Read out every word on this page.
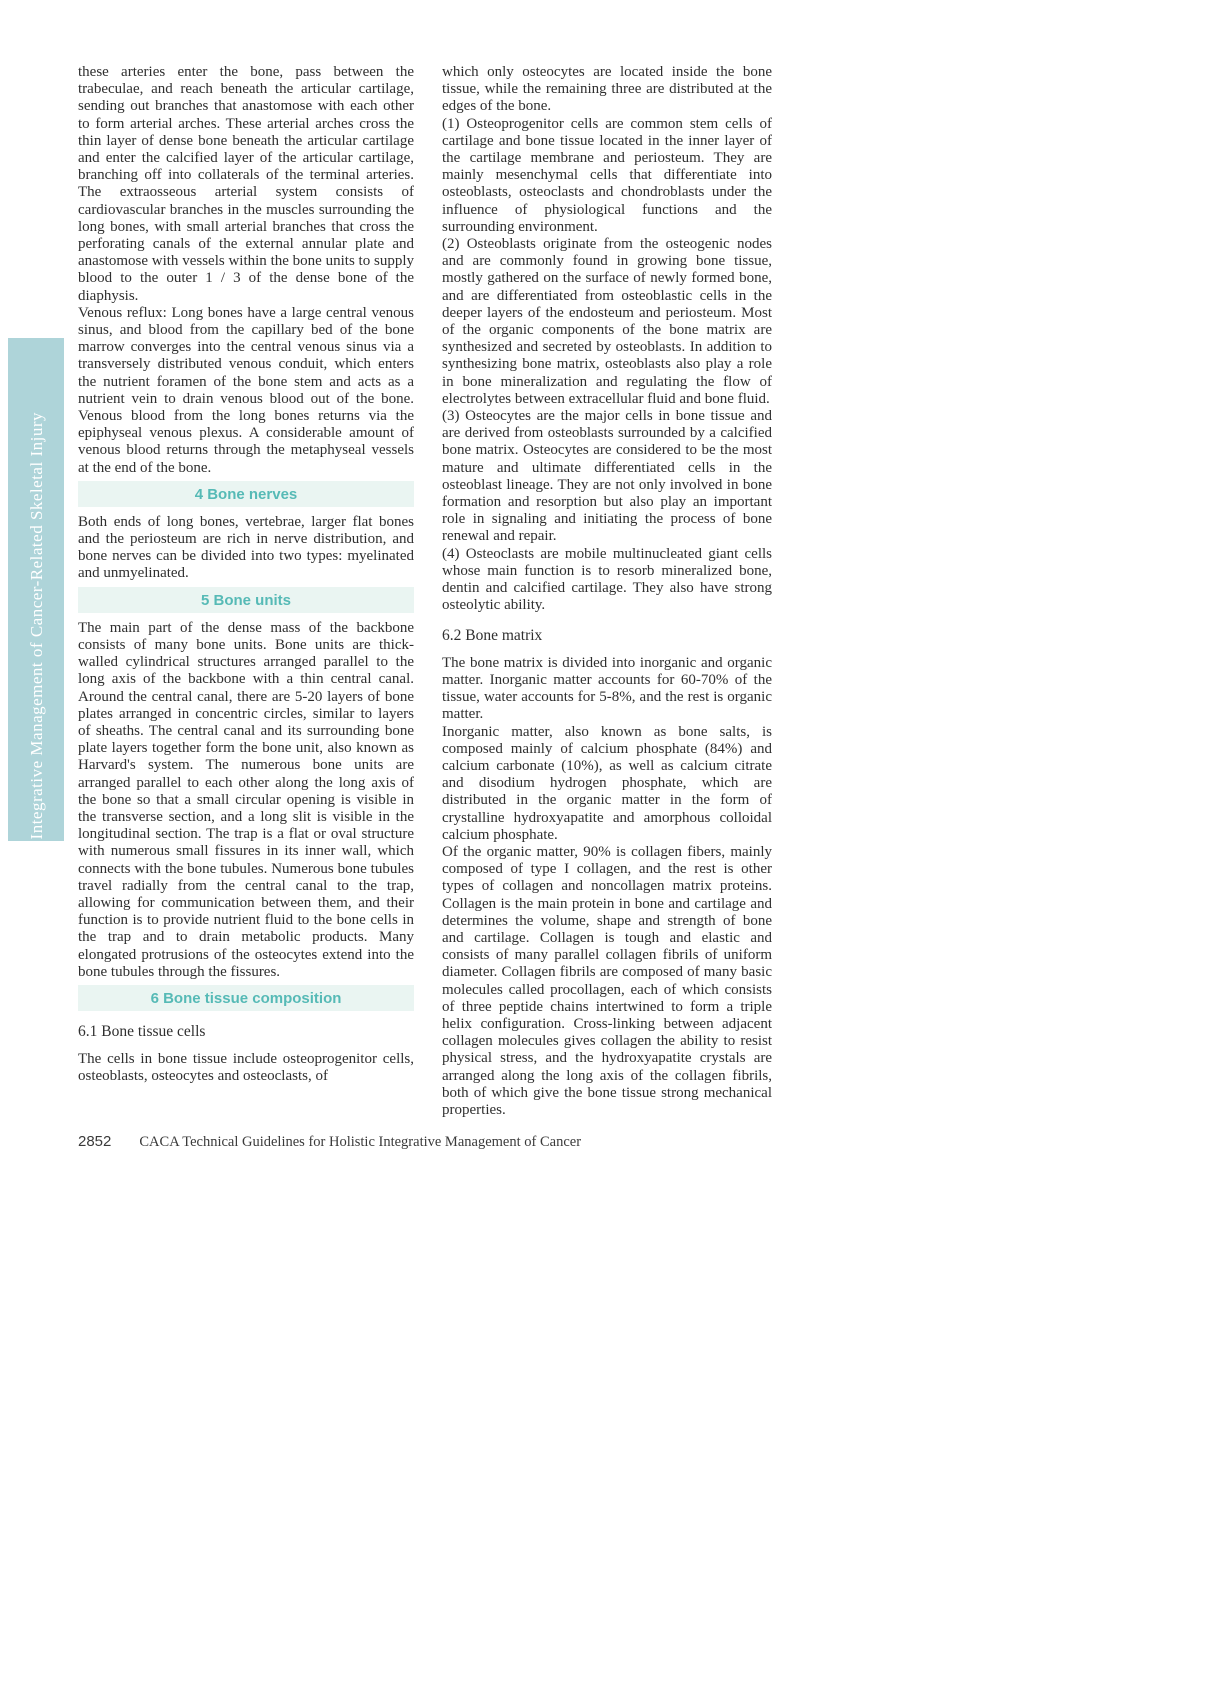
Integrative Management of Cancer-Related Skeletal Injury

these arteries enter the bone, pass between the trabeculae, and reach beneath the articular cartilage, sending out branches that anastomose with each other to form arterial arches. These arterial arches cross the thin layer of dense bone beneath the articular cartilage and enter the calcified layer of the articular cartilage, branching off into collaterals of the terminal arteries. The extraosseous arterial system consists of cardiovascular branches in the muscles surrounding the long bones, with small arterial branches that cross the perforating canals of the external annular plate and anastomose with vessels within the bone units to supply blood to the outer 1 / 3 of the dense bone of the diaphysis.

Venous reflux: Long bones have a large central venous sinus, and blood from the capillary bed of the bone marrow converges into the central venous sinus via a transversely distributed venous conduit, which enters the nutrient foramen of the bone stem and acts as a nutrient vein to drain venous blood out of the bone. Venous blood from the long bones returns via the epiphyseal venous plexus. A considerable amount of venous blood returns through the metaphyseal vessels at the end of the bone.

4 Bone nerves

Both ends of long bones, vertebrae, larger flat bones and the periosteum are rich in nerve distribution, and bone nerves can be divided into two types: myelinated and unmyelinated.

5 Bone units

The main part of the dense mass of the backbone consists of many bone units. Bone units are thick-walled cylindrical structures arranged parallel to the long axis of the backbone with a thin central canal. Around the central canal, there are 5-20 layers of bone plates arranged in concentric circles, similar to layers of sheaths. The central canal and its surrounding bone plate layers together form the bone unit, also known as Harvard's system. The numerous bone units are arranged parallel to each other along the long axis of the bone so that a small circular opening is visible in the transverse section, and a long slit is visible in the longitudinal section. The trap is a flat or oval structure with numerous small fissures in its inner wall, which connects with the bone tubules. Numerous bone tubules travel radially from the central canal to the trap, allowing for communication between them, and their function is to provide nutrient fluid to the bone cells in the trap and to drain metabolic products. Many elongated protrusions of the osteocytes extend into the bone tubules through the fissures.

6 Bone tissue composition
6.1 Bone tissue cells

The cells in bone tissue include osteoprogenitor cells, osteoblasts, osteocytes and osteoclasts, of

which only osteocytes are located inside the bone tissue, while the remaining three are distributed at the edges of the bone.

(1) Osteoprogenitor cells are common stem cells of cartilage and bone tissue located in the inner layer of the cartilage membrane and periosteum. They are mainly mesenchymal cells that differentiate into osteoblasts, osteoclasts and chondroblasts under the influence of physiological functions and the surrounding environment.

(2) Osteoblasts originate from the osteogenic nodes and are commonly found in growing bone tissue, mostly gathered on the surface of newly formed bone, and are differentiated from osteoblastic cells in the deeper layers of the endosteum and periosteum. Most of the organic components of the bone matrix are synthesized and secreted by osteoblasts. In addition to synthesizing bone matrix, osteoblasts also play a role in bone mineralization and regulating the flow of electrolytes between extracellular fluid and bone fluid.

(3) Osteocytes are the major cells in bone tissue and are derived from osteoblasts surrounded by a calcified bone matrix. Osteocytes are considered to be the most mature and ultimate differentiated cells in the osteoblast lineage. They are not only involved in bone formation and resorption but also play an important role in signaling and initiating the process of bone renewal and repair.

(4) Osteoclasts are mobile multinucleated giant cells whose main function is to resorb mineralized bone, dentin and calcified cartilage. They also have strong osteolytic ability.

6.2 Bone matrix

The bone matrix is divided into inorganic and organic matter. Inorganic matter accounts for 60-70% of the tissue, water accounts for 5-8%, and the rest is organic matter.

Inorganic matter, also known as bone salts, is composed mainly of calcium phosphate (84%) and calcium carbonate (10%), as well as calcium citrate and disodium hydrogen phosphate, which are distributed in the organic matter in the form of crystalline hydroxyapatite and amorphous colloidal calcium phosphate.

Of the organic matter, 90% is collagen fibers, mainly composed of type I collagen, and the rest is other types of collagen and noncollagen matrix proteins. Collagen is the main protein in bone and cartilage and determines the volume, shape and strength of bone and cartilage. Collagen is tough and elastic and consists of many parallel collagen fibrils of uniform diameter. Collagen fibrils are composed of many basic molecules called procollagen, each of which consists of three peptide chains intertwined to form a triple helix configuration. Cross-linking between adjacent collagen molecules gives collagen the ability to resist physical stress, and the hydroxyapatite crystals are arranged along the long axis of the collagen fibrils, both of which give the bone tissue strong mechanical properties.

2852 CACA Technical Guidelines for Holistic Integrative Management of Cancer
